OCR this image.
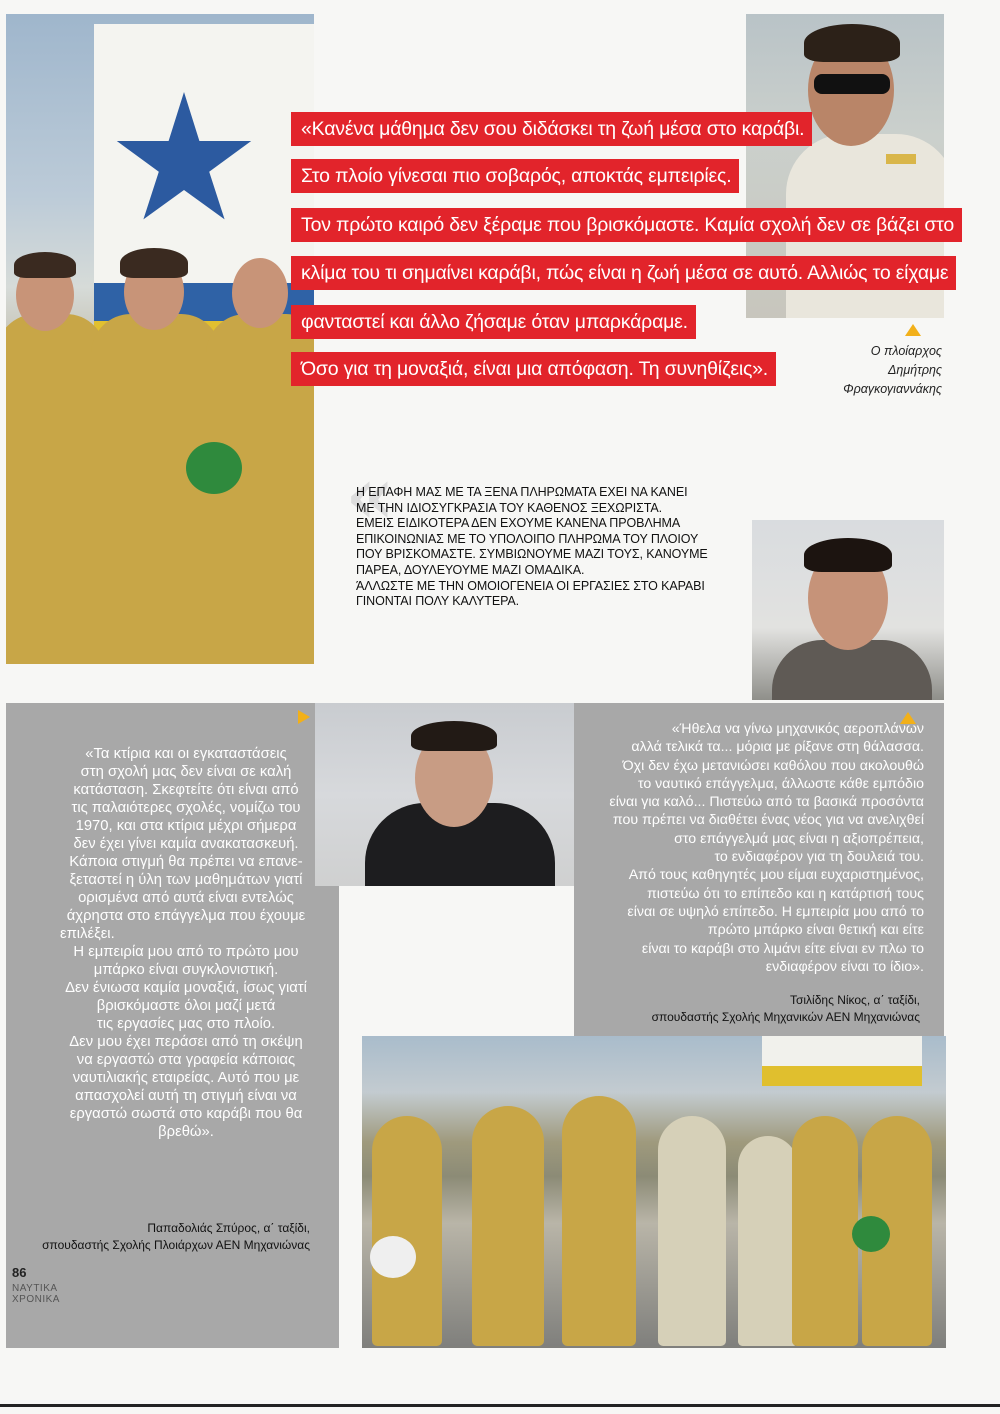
«Κανένα μάθημα δεν σου διδάσκει τη ζωή μέσα στο καράβι.
Στο πλοίο γίνεσαι πιο σοβαρός, αποκτάς εμπειρίες.
Τον πρώτο καιρό δεν ξέραμε που βρισκόμαστε. Καμία σχολή δεν σε βάζει στο
κλίμα του τι σημαίνει καράβι, πώς είναι η ζωή μέσα σε αυτό. Αλλιώς το είχαμε
φανταστεί και άλλο ζήσαμε όταν μπαρκάραμε.
Όσο για τη μοναξιά, είναι μια απόφαση. Τη συνηθίζεις».
Ο πλοίαρχος
Δημήτρης
Φραγκογιαννάκης
«
Η ΕΠΑΦΗ ΜΑΣ ΜΕ ΤΑ ΞΕΝΑ ΠΛΗΡΩΜΑΤΑ ΕΧΕΙ ΝΑ ΚΑΝΕΙ
ΜΕ ΤΗΝ ΙΔΙΟΣΥΓΚΡΑΣΙΑ ΤΟΥ ΚΑΘΕΝΟΣ ΞΕΧΩΡΙΣΤΑ.
ΕΜΕΙΣ ΕΙΔΙΚΟΤΕΡΑ ΔΕΝ ΕΧΟΥΜΕ ΚΑΝΕΝΑ ΠΡΟΒΛΗΜΑ
ΕΠΙΚΟΙΝΩΝΙΑΣ ΜΕ ΤΟ ΥΠΟΛΟΙΠΟ ΠΛΗΡΩΜΑ ΤΟΥ ΠΛΟΙΟΥ
ΠΟΥ ΒΡΙΣΚΟΜΑΣΤΕ. ΣΥΜΒΙΩΝΟΥΜΕ ΜΑΖΙ ΤΟΥΣ, ΚΑΝΟΥΜΕ
ΠΑΡΕΑ, ΔΟΥΛΕΥΟΥΜΕ ΜΑΖΙ ΟΜΑΔΙΚΑ.
ΆΛΛΩΣΤΕ ΜΕ ΤΗΝ ΟΜΟΙΟΓΕΝΕΙΑ ΟΙ ΕΡΓΑΣΙΕΣ ΣΤΟ ΚΑΡΑΒΙ
ΓΙΝΟΝΤΑΙ ΠΟΛΥ ΚΑΛΥΤΕΡΑ.
«Τα κτίρια και οι εγκαταστάσεις
στη σχολή μας δεν είναι σε καλή
κατάσταση. Σκεφτείτε ότι είναι από
τις παλαιότερες σχολές, νομίζω του
1970, και στα κτίρια μέχρι σήμερα
δεν έχει γίνει καμία ανακατασκευή.
Κάποια στιγμή θα πρέπει να επανε-
ξεταστεί η ύλη των μαθημάτων γιατί
ορισμένα από αυτά είναι εντελώς
άχρηστα στο επάγγελμα που έχουμε
επιλέξει.
Η εμπειρία μου από το πρώτο μου
μπάρκο είναι συγκλονιστική.
Δεν ένιωσα καμία μοναξιά, ίσως γιατί
βρισκόμαστε όλοι μαζί μετά
τις εργασίες μας στο πλοίο.
Δεν μου έχει περάσει από τη σκέψη
να εργαστώ στα γραφεία κάποιας
ναυτιλιακής εταιρείας. Αυτό που με
απασχολεί αυτή τη στιγμή είναι να
εργαστώ σωστά στο καράβι που θα
βρεθώ».
Παπαδολιάς Σπύρος, α΄ ταξίδι,
σπουδαστής Σχολής Πλοιάρχων ΑΕΝ Μηχανιώνας
«Ήθελα να γίνω μηχανικός αεροπλάνων
αλλά τελικά τα... μόρια με ρίξανε στη θάλασσα.
Όχι δεν έχω μετανιώσει καθόλου που ακολουθώ
το ναυτικό επάγγελμα, άλλωστε κάθε εμπόδιο
είναι για καλό... Πιστεύω από τα βασικά προσόντα
που πρέπει να διαθέτει ένας νέος για να ανελιχθεί
στο επάγγελμά μας είναι η αξιοπρέπεια,
το ενδιαφέρον για τη δουλειά του.
Από τους καθηγητές μου είμαι ευχαριστημένος,
πιστεύω ότι το επίπεδο και η κατάρτισή τους
είναι σε υψηλό επίπεδο. Η εμπειρία μου από το
πρώτο μπάρκο είναι θετική και είτε
είναι το καράβι στο λιμάνι είτε είναι εν πλω το
ενδιαφέρον είναι το ίδιο».
Τσιλίδης Νίκος, α΄ ταξίδι,
σπουδαστής Σχολής Μηχανικών ΑΕΝ Μηχανιώνας
86
ΝΑΥΤΙΚΑ
ΧΡΟΝΙΚΑ
